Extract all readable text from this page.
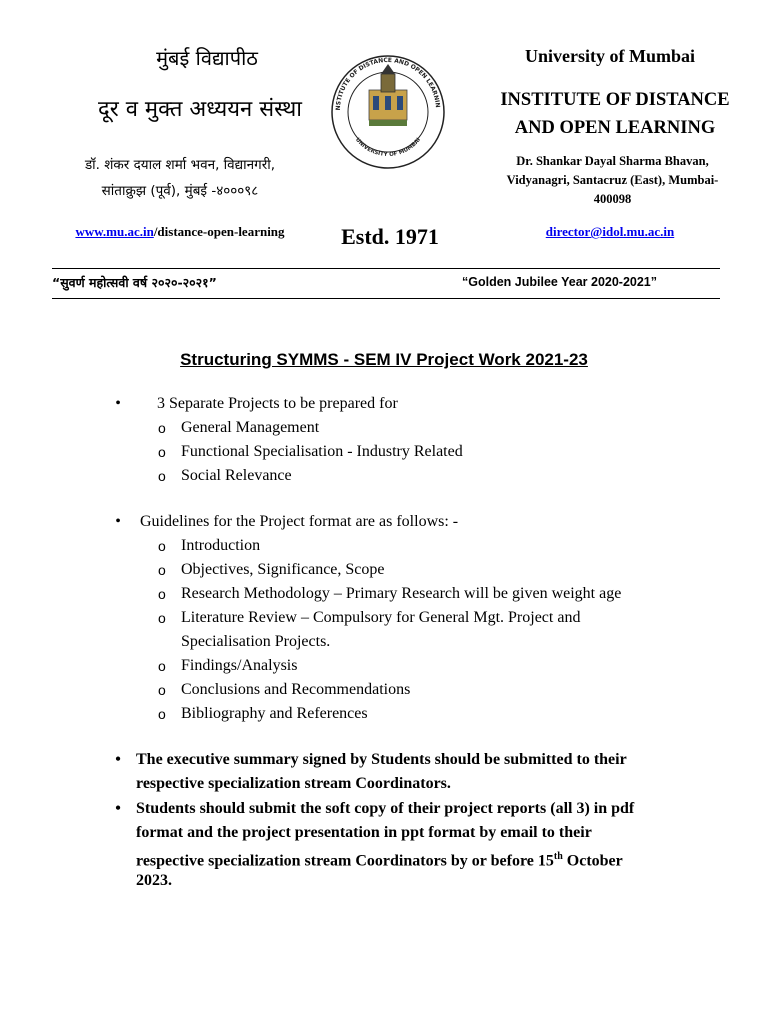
मुंबई विद्यापीठ
दूर व मुक्त अध्ययन संस्था
डॉ. शंकर दयाल शर्मा भवन, विद्यानगरी,
सांताक्रुझ (पूर्व), मुंबई -४०००९८
www.mu.ac.in/distance-open-learning
NSTITUTE OF DISTANCE AND OPEN LEARNIN
UNIVERSITY OF MUMBAI
Estd. 1971
University of Mumbai
INSTITUTE OF DISTANCE
AND OPEN LEARNING
Dr. Shankar Dayal Sharma Bhavan,
Vidyanagri, Santacruz (East), Mumbai-
400098
director@idol.mu.ac.in
“सुवर्ण महोत्सवी वर्ष २०२०-२०२१”	“Golden Jubilee Year 2020-2021”
Structuring SYMMS - SEM IV Project Work 2021-23
• 3 Separate Projects to be prepared for
o General Management
o Functional Specialisation - Industry Related
o Social Relevance
• Guidelines for the Project format are as follows: -
o Introduction
o Objectives, Significance, Scope
o Research Methodology – Primary Research will be given weight age
o Literature Review – Compulsory for General Mgt. Project and
Specialisation Projects.
o Findings/Analysis
o Conclusions and Recommendations
o Bibliography and References
• The executive summary signed by Students should be submitted to their
respective specialization stream Coordinators.
• Students should submit the soft copy of their project reports (all 3) in pdf
format and the project presentation in ppt format by email to their
respective specialization stream Coordinators by or before 15th October
2023.
